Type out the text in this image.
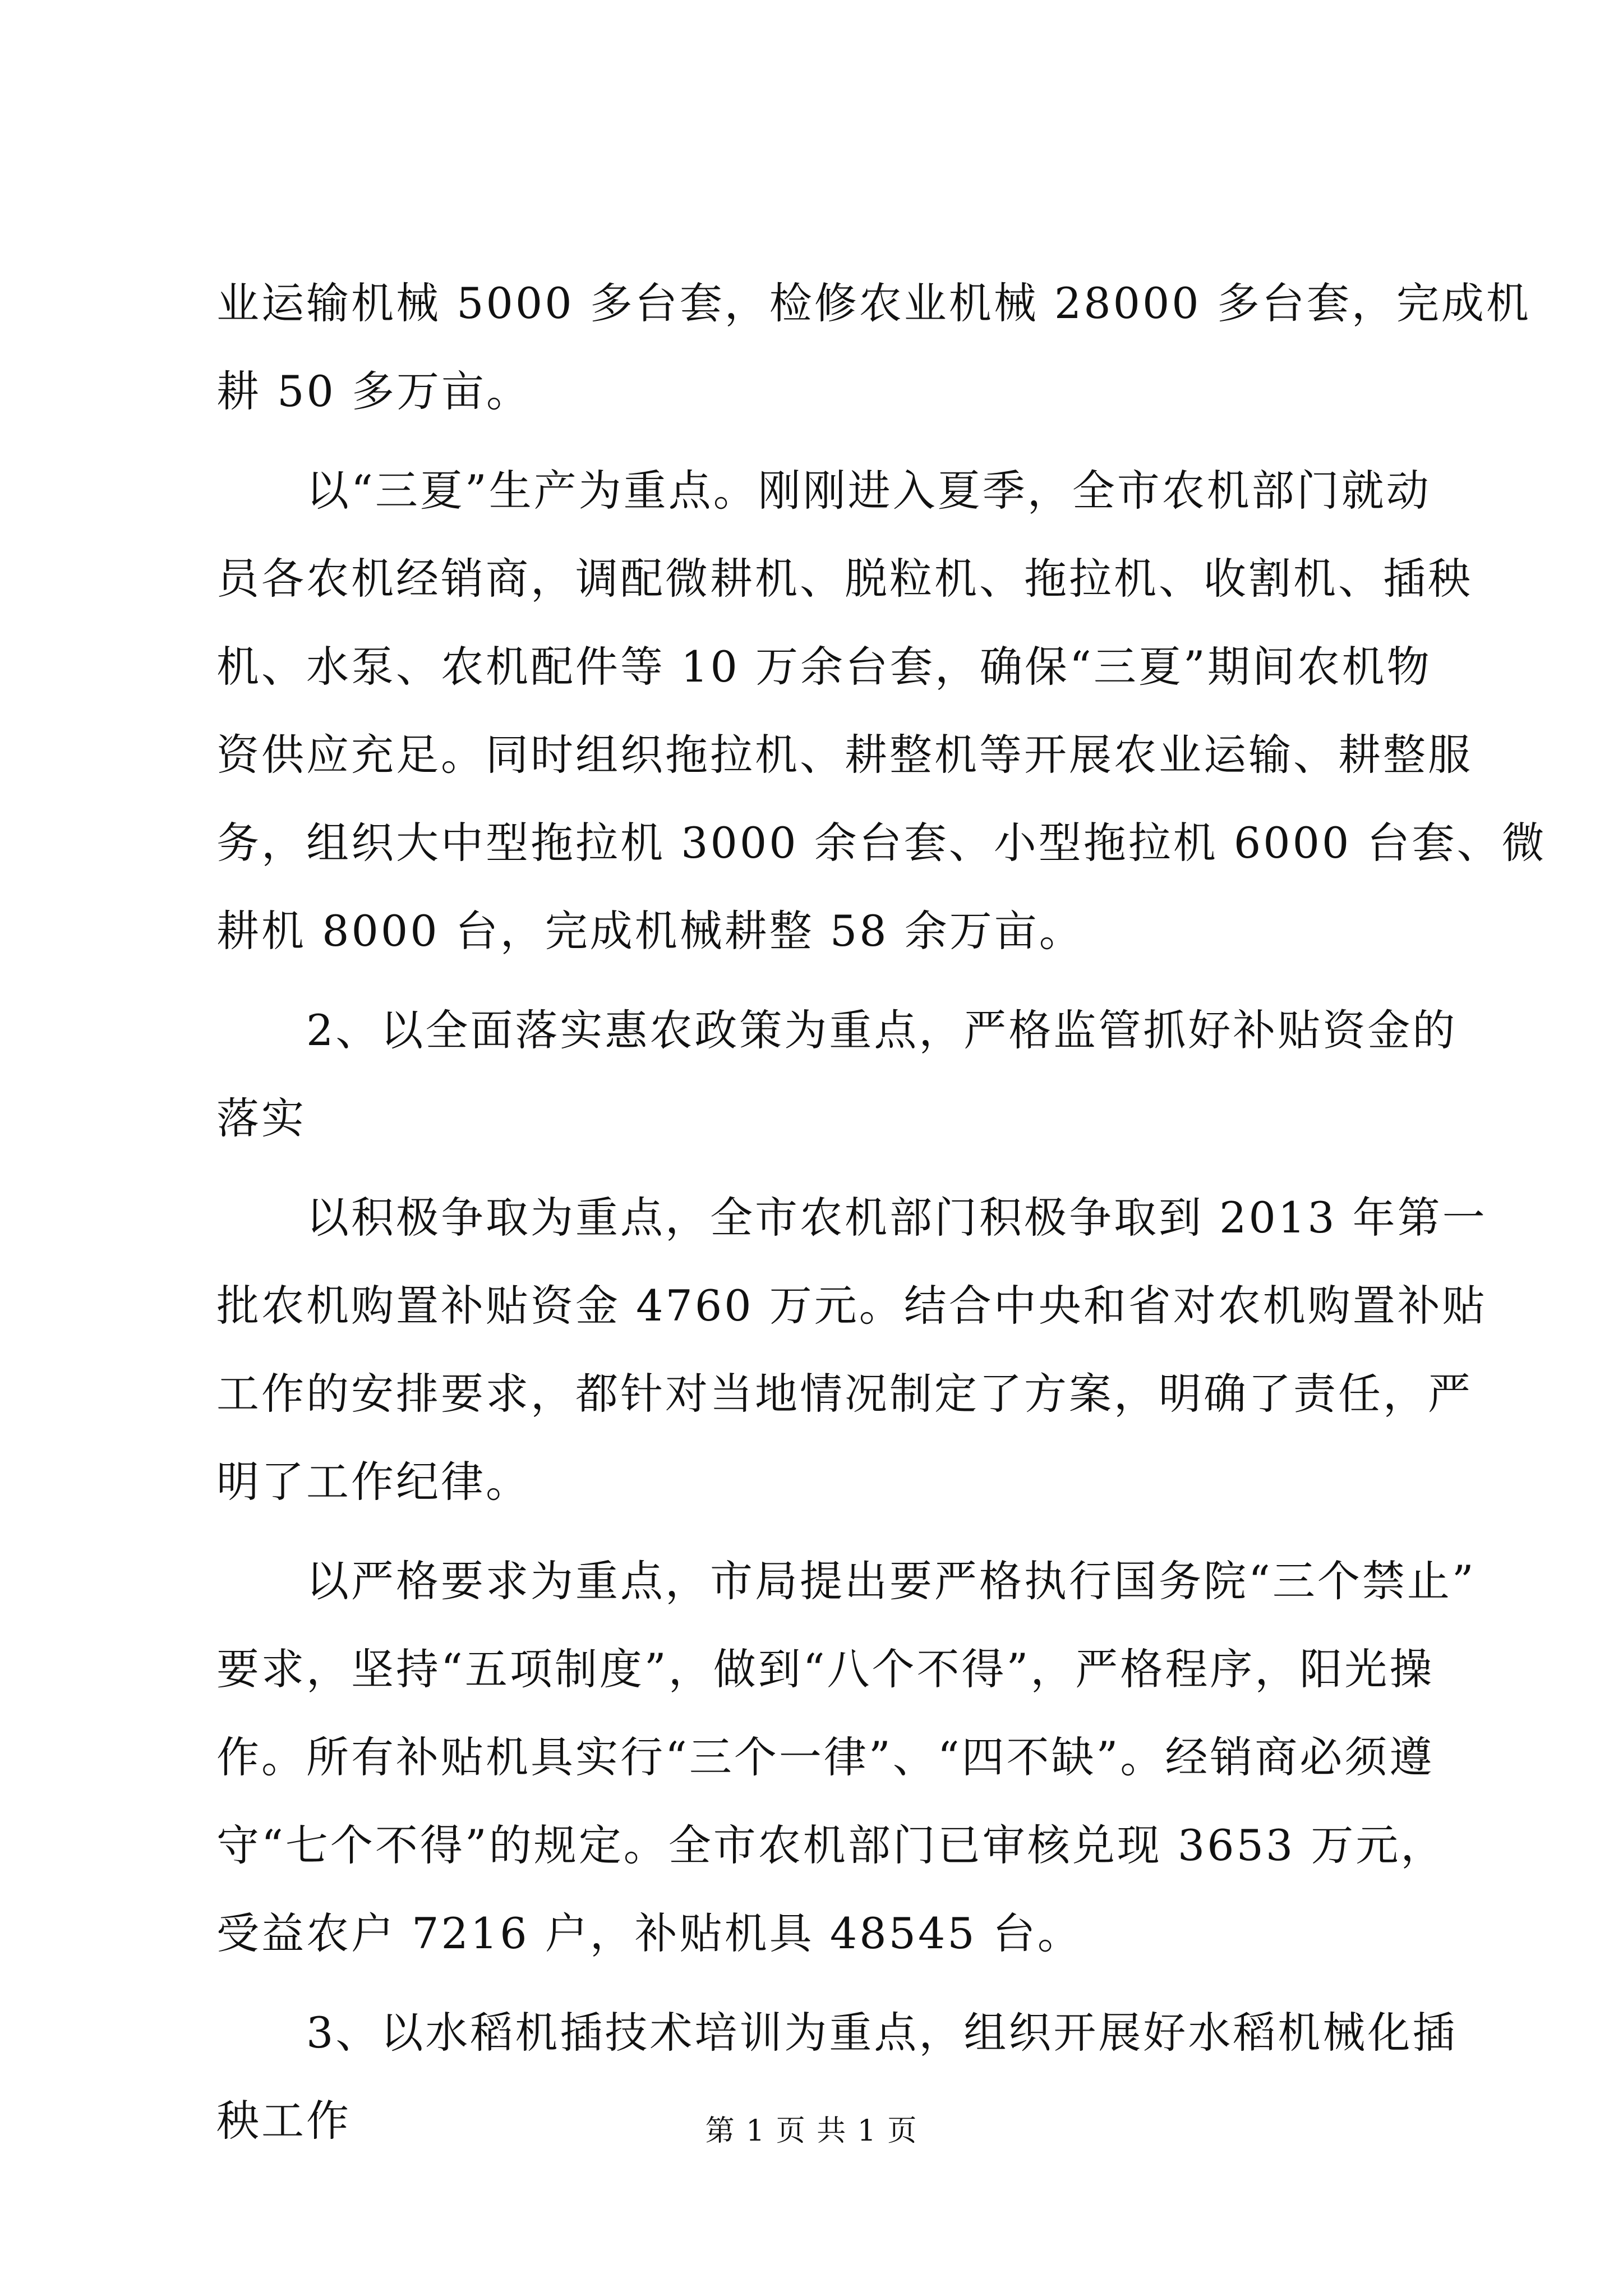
业运输机械 5000 多台套，检修农业机械 28000 多台套，完成机
耕 50 多万亩。
　　以“三夏”生产为重点。刚刚进入夏季，全市农机部门就动
员各农机经销商，调配微耕机、脱粒机、拖拉机、收割机、插秧
机、水泵、农机配件等 10 万余台套，确保“三夏”期间农机物
资供应充足。同时组织拖拉机、耕整机等开展农业运输、耕整服
务，组织大中型拖拉机 3000 余台套、小型拖拉机 6000 台套、微
耕机 8000 台，完成机械耕整 58 余万亩。
　　2、以全面落实惠农政策为重点，严格监管抓好补贴资金的
落实
　　以积极争取为重点，全市农机部门积极争取到 2013 年第一
批农机购置补贴资金 4760 万元。结合中央和省对农机购置补贴
工作的安排要求，都针对当地情况制定了方案，明确了责任，严
明了工作纪律。
　　以严格要求为重点，市局提出要严格执行国务院“三个禁止”
要求，坚持“五项制度”，做到“八个不得”，严格程序，阳光操
作。所有补贴机具实行“三个一律”、“四不缺”。经销商必须遵
守“七个不得”的规定。全市农机部门已审核兑现 3653 万元，
受益农户 7216 户，补贴机具 48545 台。
　　3、以水稻机插技术培训为重点，组织开展好水稻机械化插
秧工作	第 1 页 共 1 页
